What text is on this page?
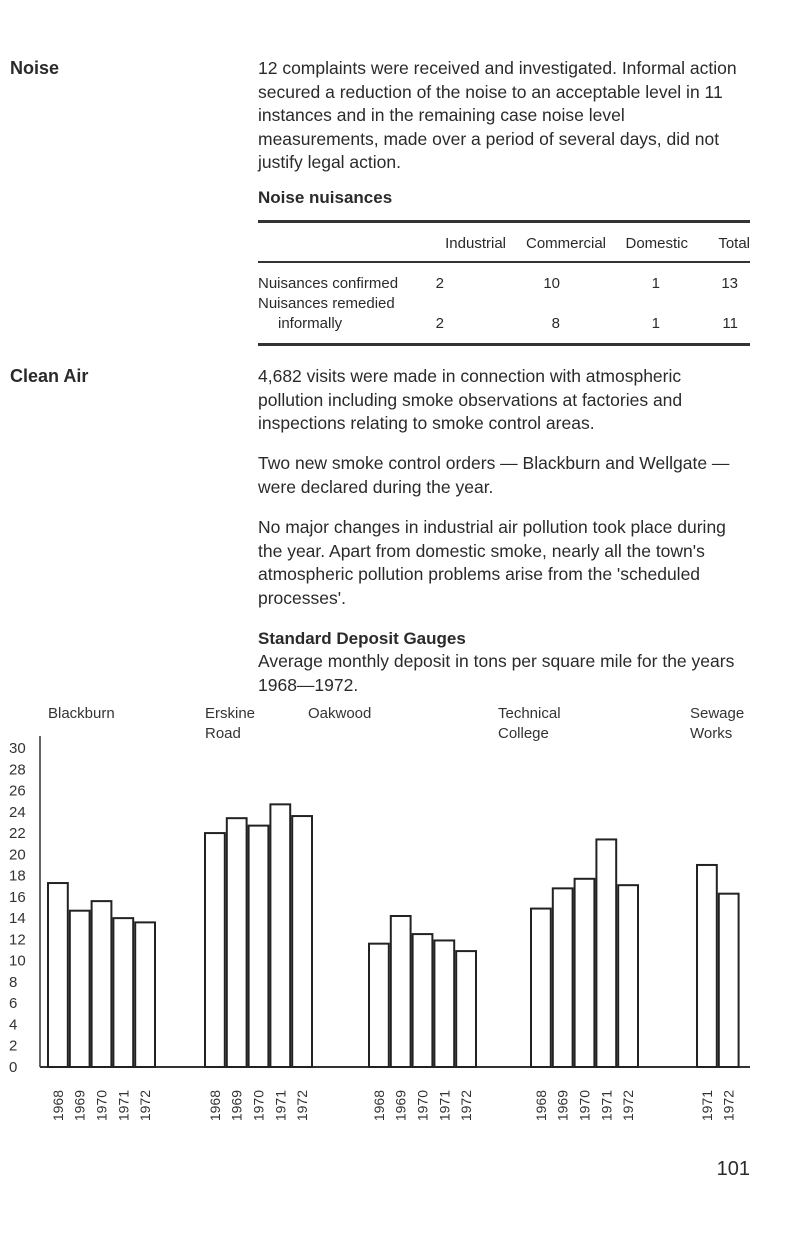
Noise	12 complaints were received and investigated. Informal action secured a reduction of the noise to an acceptable level in 11 instances and in the remaining case noise level measurements, made over a period of several days, did not justify legal action.
Noise nuisances
	Industrial	Commercial	Domestic	Total
Nuisances confirmed	2	10	1	13
Nuisances remedied				
informally	2	8	1	11
Clean Air	4,682 visits were made in connection with atmospheric pollution including smoke observations at factories and inspections relating to smoke control areas.
Two new smoke control orders — Blackburn and Wellgate — were declared during the year.
No major changes in industrial air pollution took place during the year. Apart from domestic smoke, nearly all the town's atmospheric pollution problems arise from the 'scheduled processes'.
Standard Deposit Gauges
Average monthly deposit in tons per square mile for the years 1968—1972.
0
2
4
6
8
10
12
14
16
18
20
22
24
26
28
30
Blackburn
1968 1969 1970 1971 1972
Erskine
Road
1968 1969 1970 1971 1972
Oakwood
1968 1969 1970 1971 1972
Technical
College
1968 1969 1970 1971 1972
Sewage
Works
1971 1972
101
